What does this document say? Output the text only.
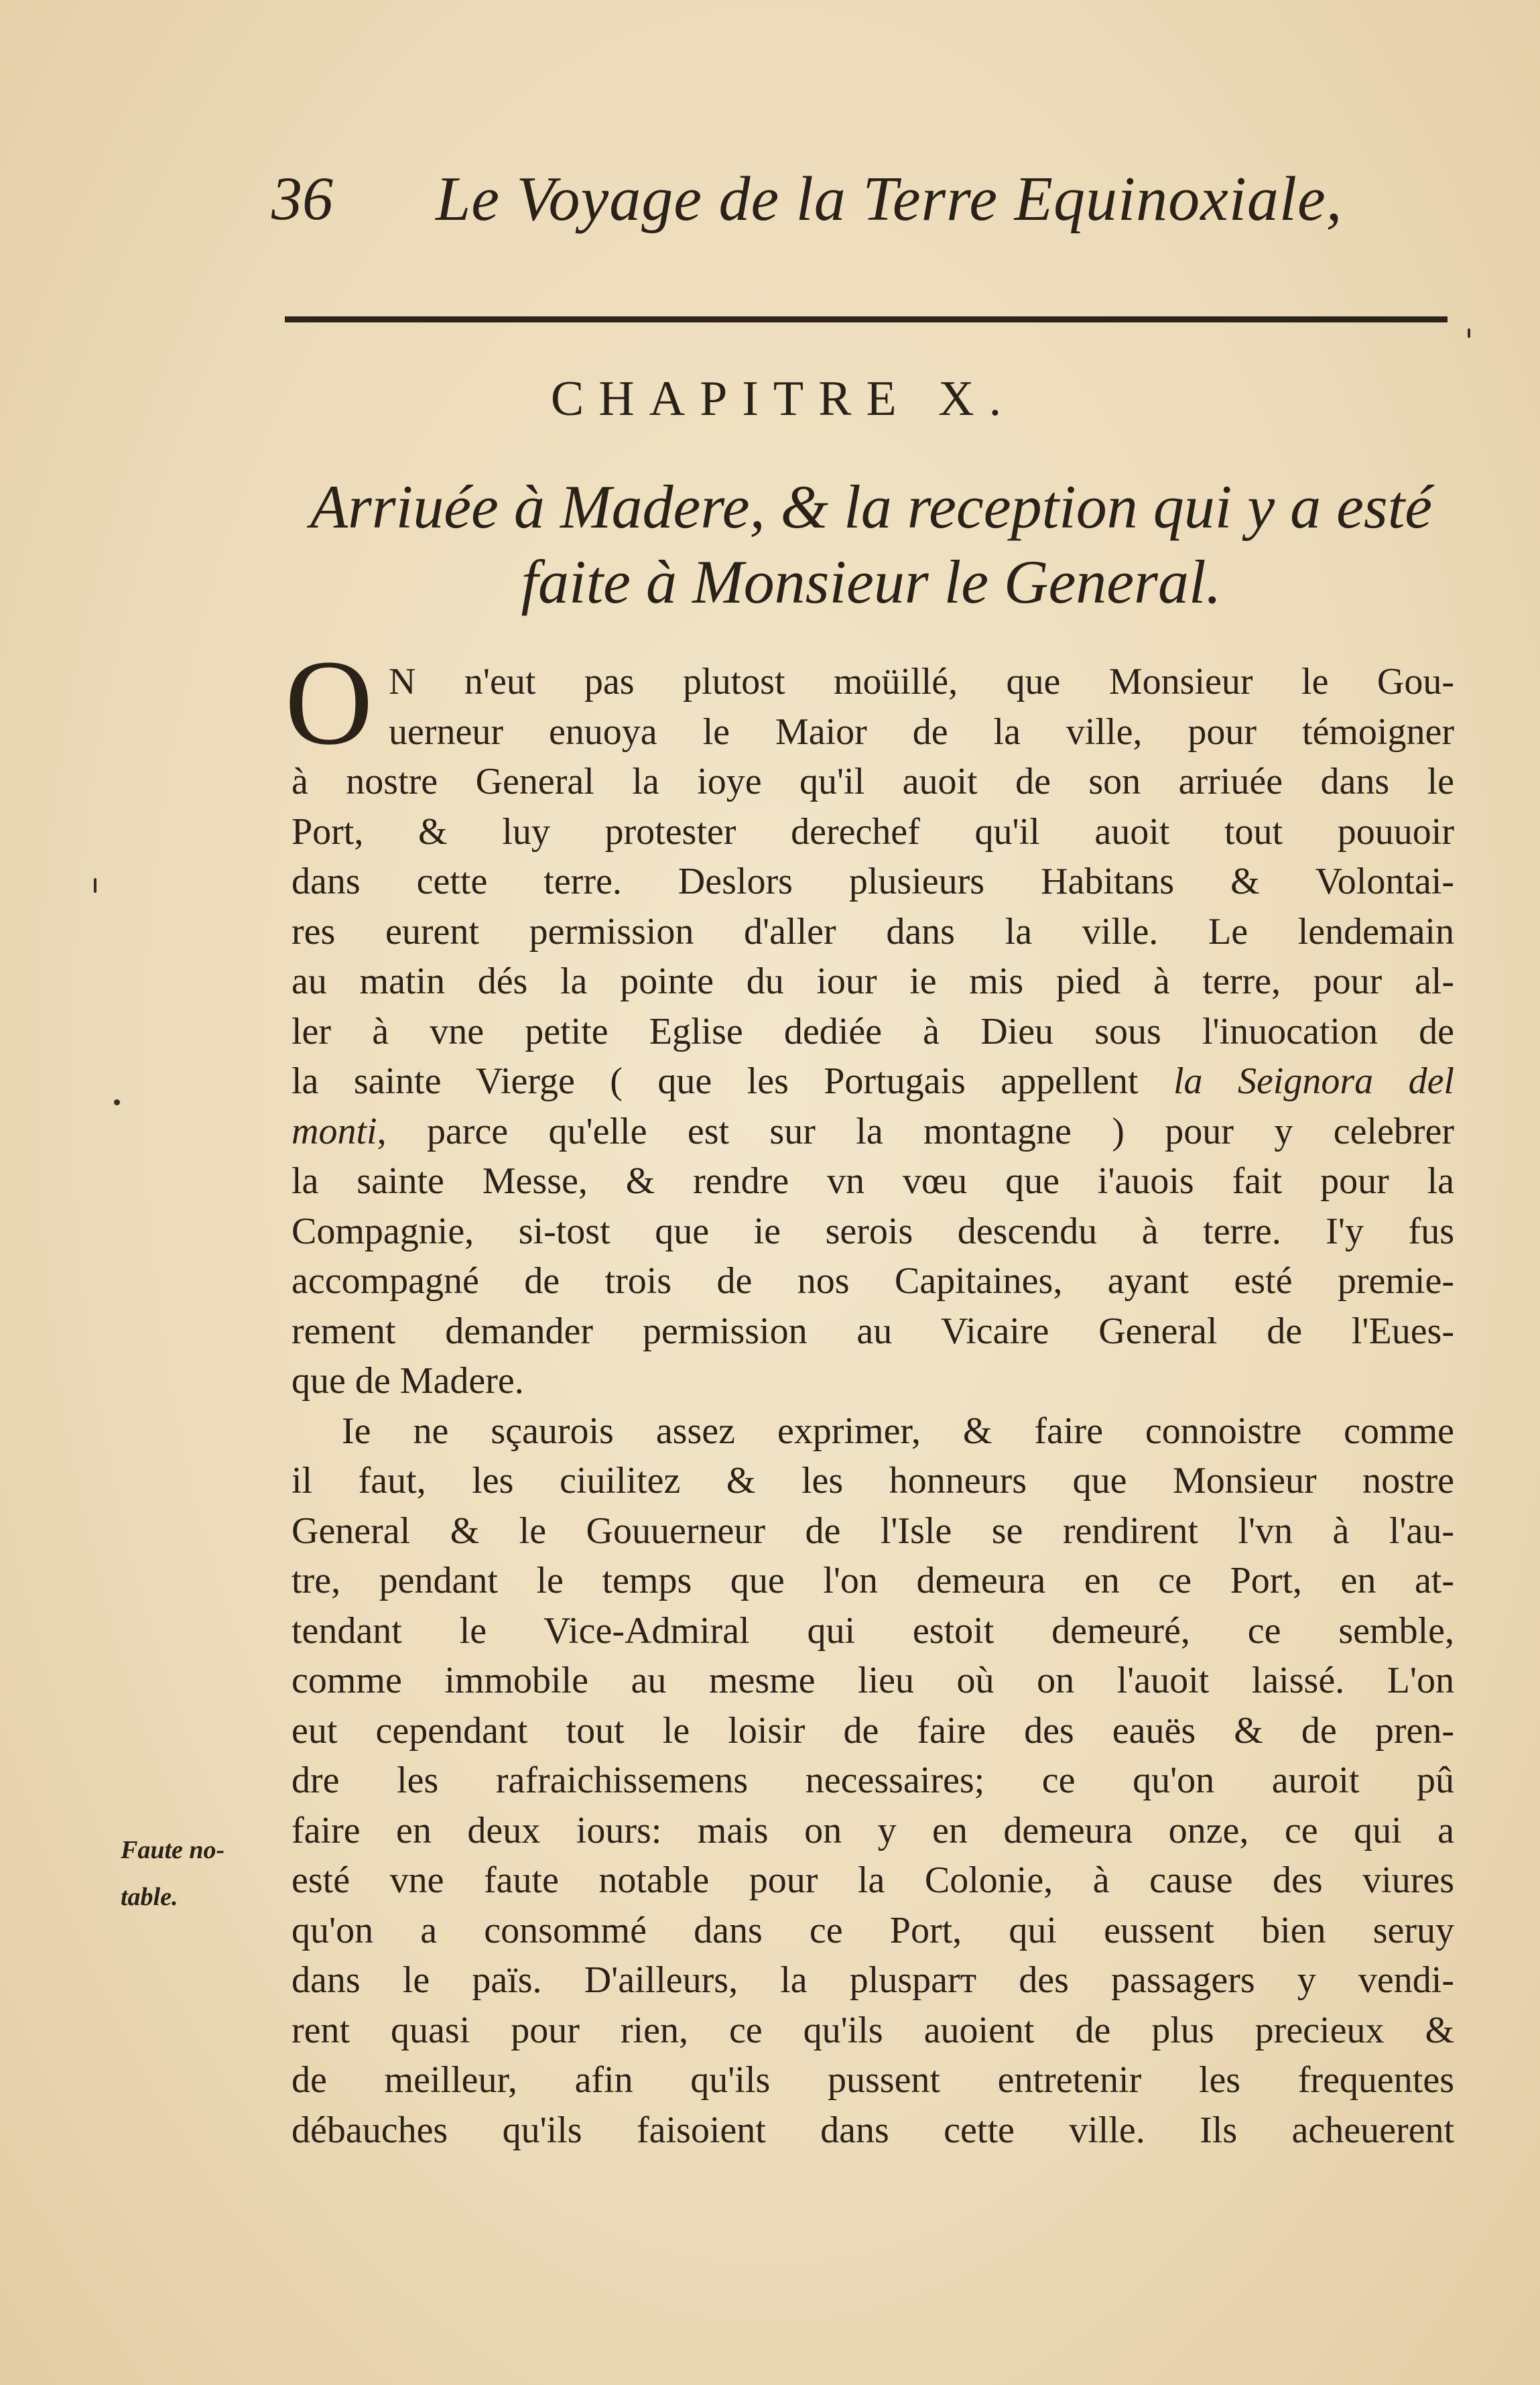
36 Le Voyage de la Terre Equinoxiale,
CHAPITRE X.
Arriuée à Madere, & la reception qui y a esté
faite à Monsieur le General.
O N n'eut pas plutost moüillé, que Monsieur le Gou-
uerneur enuoya le Maior de la ville, pour témoigner
à nostre General la ioye qu'il auoit de son arriuée dans le
Port, & luy protester derechef qu'il auoit tout pouuoir
dans cette terre. Deslors plusieurs Habitans & Volontai-
res eurent permission d'aller dans la ville. Le lendemain
au matin dés la pointe du iour ie mis pied à terre, pour al-
ler à vne petite Eglise dediée à Dieu sous l'inuocation de
la sainte Vierge ( que les Portugais appellent la Seignora del
monti, parce qu'elle est sur la montagne ) pour y celebrer
la sainte Messe, & rendre vn vœu que i'auois fait pour la
Compagnie, si-tost que ie serois descendu à terre. I'y fus
accompagné de trois de nos Capitaines, ayant esté premie-
rement demander permission au Vicaire General de l'Eues-
que de Madere.
Ie ne sçaurois assez exprimer, & faire connoistre comme
il faut, les ciuilitez & les honneurs que Monsieur nostre
General & le Gouuerneur de l'Isle se rendirent l'vn à l'au-
tre, pendant le temps que l'on demeura en ce Port, en at-
tendant le Vice-Admiral qui estoit demeuré, ce semble,
comme immobile au mesme lieu où on l'auoit laissé. L'on
eut cependant tout le loisir de faire des eauës & de pren-
dre les rafraichissemens necessaires; ce qu'on auroit pû
faire en deux iours: mais on y en demeura onze, ce qui a
esté vne faute notable pour la Colonie, à cause des viures
qu'on a consommé dans ce Port, qui eussent bien seruy
dans le païs. D'ailleurs, la plusparт des passagers y vendi-
rent quasi pour rien, ce qu'ils auoient de plus precieux &
de meilleur, afin qu'ils pussent entretenir les frequentes
débauches qu'ils faisoient dans cette ville. Ils acheuerent
Faute no-
table.
